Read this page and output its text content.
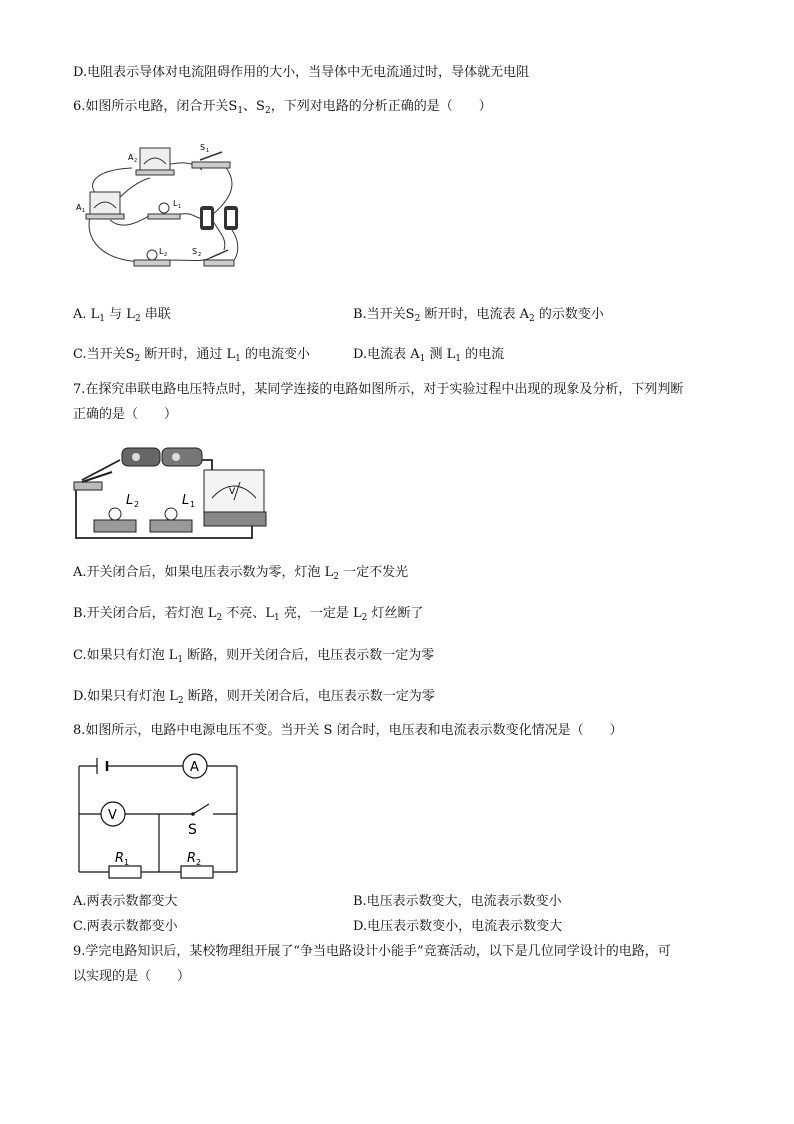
D.电阻表示导体对电流阻碍作用的大小，当导体中无电流通过时，导体就无电阻
6.如图所示电路，闭合开关$S_1$、$S_2$，下列对电路的分析正确的是（　　）
A 2
A 1
S 1
L 1
L 2	S 2
A. $L_1$ 与 $L_2$ 串联	B.当开关$S_2$ 断开时，电流表 $A_2$ 的示数变小
C.当开关$S_2$ 断开时，通过 $L_1$ 的电流变小	D.电流表 $A_1$ 测 $L_1$ 的电流
7.在探究串联电路电压特点时，某同学连接的电路如图所示，对于实验过程中出现的现象及分析，下列判断
正确的是（　　）
L 2	L 1
V
A.开关闭合后，如果电压表示数为零，灯泡 $L_2$ 一定不发光
B.开关闭合后，若灯泡 $L_2$ 不亮、$L_1$ 亮，一定是 $L_2$ 灯丝断了
C.如果只有灯泡 $L_1$ 断路，则开关闭合后，电压表示数一定为零
D.如果只有灯泡 $L_2$ 断路，则开关闭合后，电压表示数一定为零
8.如图所示，电路中电源电压不变。当开关 S 闭合时，电压表和电流表示数变化情况是（　　）
A
V
S
R 1	R 2
A.两表示数都变大	B.电压表示数变大，电流表示数变小
C.两表示数都变小	D.电压表示数变小，电流表示数变大
9.学完电路知识后，某校物理组开展了“争当电路设计小能手”竞赛活动，以下是几位同学设计的电路，可
以实现的是（　　）
